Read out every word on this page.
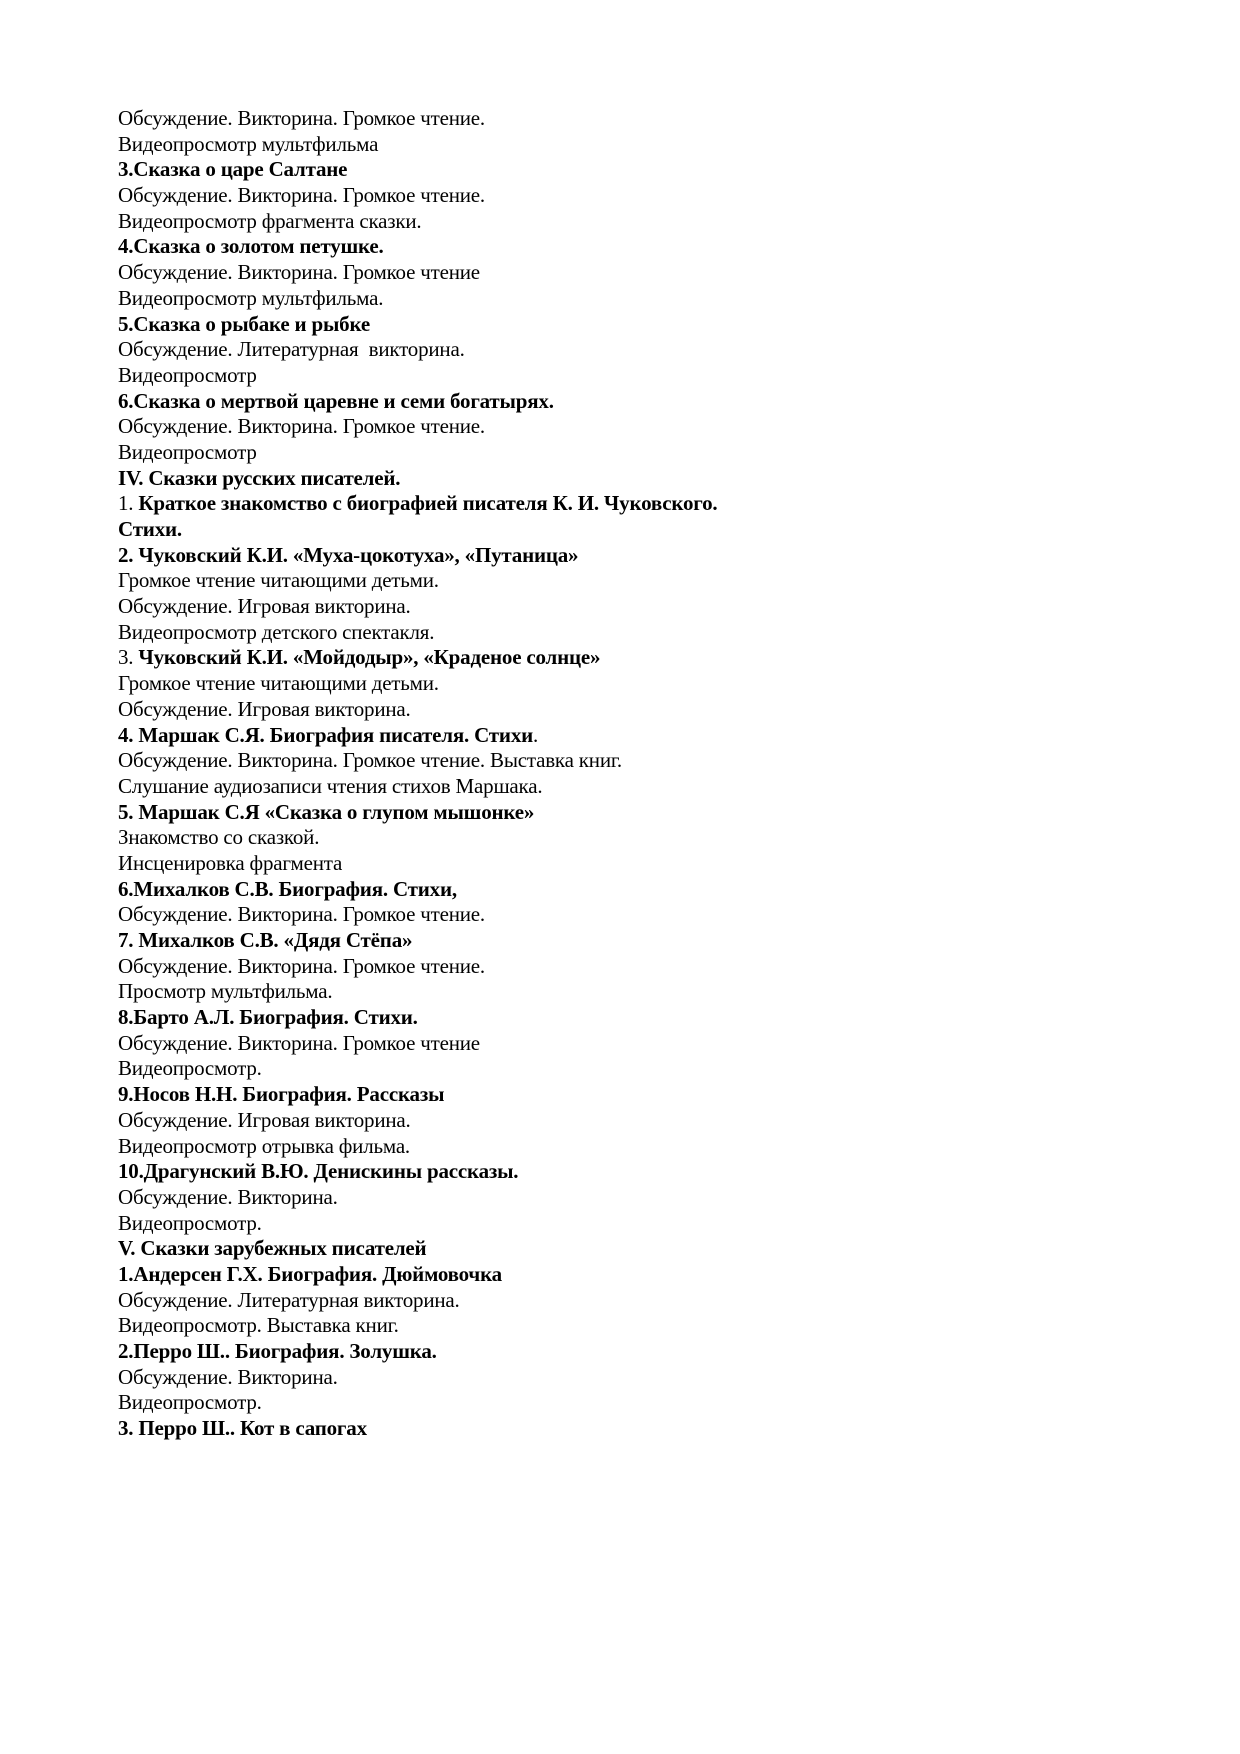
Обсуждение. Викторина. Громкое чтение.
Видеопросмотр мультфильма
3.Сказка о царе Салтане
Обсуждение. Викторина. Громкое чтение.
Видеопросмотр фрагмента сказки.
4.Сказка о золотом петушке.
Обсуждение. Викторина. Громкое чтение
Видеопросмотр мультфильма.
5.Сказка о рыбаке и рыбке
Обсуждение. Литературная  викторина.
Видеопросмотр
6.Сказка о мертвой царевне и семи богатырях.
Обсуждение. Викторина. Громкое чтение.
Видеопросмотр
IV. Сказки русских писателей.
1. Краткое знакомство с биографией писателя К. И. Чуковского.
Стихи.
2. Чуковский К.И. «Муха-цокотуха», «Путаница»
Громкое чтение читающими детьми.
Обсуждение. Игровая викторина.
Видеопросмотр детского спектакля.
3. Чуковский К.И. «Мойдодыр», «Краденое солнце»
Громкое чтение читающими детьми.
Обсуждение. Игровая викторина.
4. Маршак С.Я. Биография писателя. Стихи.
Обсуждение. Викторина. Громкое чтение. Выставка книг.
Слушание аудиозаписи чтения стихов Маршака.
5. Маршак С.Я «Сказка о глупом мышонке»
Знакомство со сказкой.
Инсценировка фрагмента
6.Михалков С.В. Биография. Стихи,
Обсуждение. Викторина. Громкое чтение.
7. Михалков С.В. «Дядя Стёпа»
Обсуждение. Викторина. Громкое чтение.
Просмотр мультфильма.
8.Барто А.Л. Биография. Стихи.
Обсуждение. Викторина. Громкое чтение
Видеопросмотр.
9.Носов Н.Н. Биография. Рассказы
Обсуждение. Игровая викторина.
Видеопросмотр отрывка фильма.
10.Драгунский В.Ю. Денискины рассказы.
Обсуждение. Викторина.
Видеопросмотр.
V. Сказки зарубежных писателей
1.Андерсен Г.Х. Биография. Дюймовочка
Обсуждение. Литературная викторина.
Видеопросмотр. Выставка книг.
2.Перро Ш.. Биография. Золушка.
Обсуждение. Викторина.
Видеопросмотр.
3. Перро Ш.. Кот в сапогах
